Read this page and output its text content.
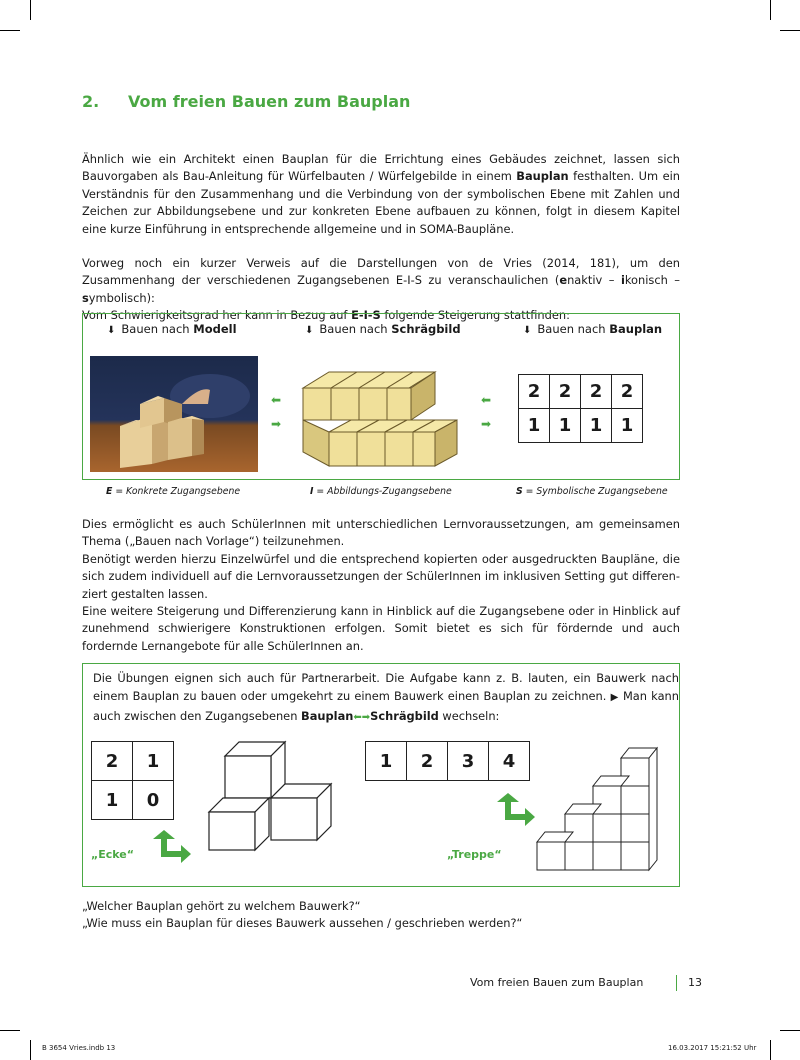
2. Vom freien Bauen zum Bauplan

Ähnlich wie ein Architekt einen Bauplan für die Errichtung eines Gebäudes zeichnet, lassen sich Bauvorgaben als Bau-Anleitung für Würfelbauten / Würfelgebilde in einem Bauplan festhalten. Um ein Verständnis für den Zusammenhang und die Verbindung von der symbolischen Ebene mit Zahlen und Zeichen zur Abbildungsebene und zur konkreten Ebene aufbauen zu können, folgt in diesem Kapitel eine kurze Einführung in entsprechende allgemeine und in SOMA-Baupläne.

Vorweg noch ein kurzer Verweis auf die Darstellungen von de Vries (2014, 181), um den Zusammenhang der verschiedenen Zugangsebenen E-I-S zu veranschaulichen (enaktiv – ikonisch – symbolisch):

Vom Schwierigkeitsgrad her kann in Bezug auf E-I-S folgende Steigerung stattfinden:

⬇ Bauen nach Modell	⬇ Bauen nach Schrägbild	⬇ Bauen nach Bauplan
⬅
➡
⬅
➡
2	2	2	2
1	1	1	1
E = Konkrete Zugangsebene	I = Abbildungs-Zugangsebene	S = Symbolische Zugangsebene

Dies ermöglicht es auch SchülerInnen mit unterschiedlichen Lernvoraussetzungen, am gemeinsamen Thema („Bauen nach Vorlage“) teilzunehmen.

Benötigt werden hierzu Einzelwürfel und die entsprechend kopierten oder ausgedruckten Baupläne, die sich zudem individuell auf die Lernvoraussetzungen der SchülerInnen im inklusiven Setting gut differenziert gestalten lassen.

Eine weitere Steigerung und Differenzierung kann in Hinblick auf die Zugangsebene oder in Hinblick auf zunehmend schwierigere Konstruktionen erfolgen. Somit bietet es sich für fördernde und auch fordernde Lernangebote für alle SchülerInnen an.

Die Übungen eignen sich auch für Partnerarbeit. Die Aufgabe kann z. B. lauten, ein Bauwerk nach einem Bauplan zu bauen oder umgekehrt zu einem Bauwerk einen Bauplan zu zeichnen. ▶ Man kann auch zwischen den Zugangsebenen Bauplan⬅➡Schrägbild wechseln:

2	1
1	0
„Ecke“
1	2	3	4
„Treppe“

„Welcher Bauplan gehört zu welchem Bauwerk?“

„Wie muss ein Bauplan für dieses Bauwerk aussehen / geschrieben werden?“

Vom freien Bauen zum Bauplan	13
B 3654 Vries.indb 13	16.03.2017 15:21:52 Uhr
